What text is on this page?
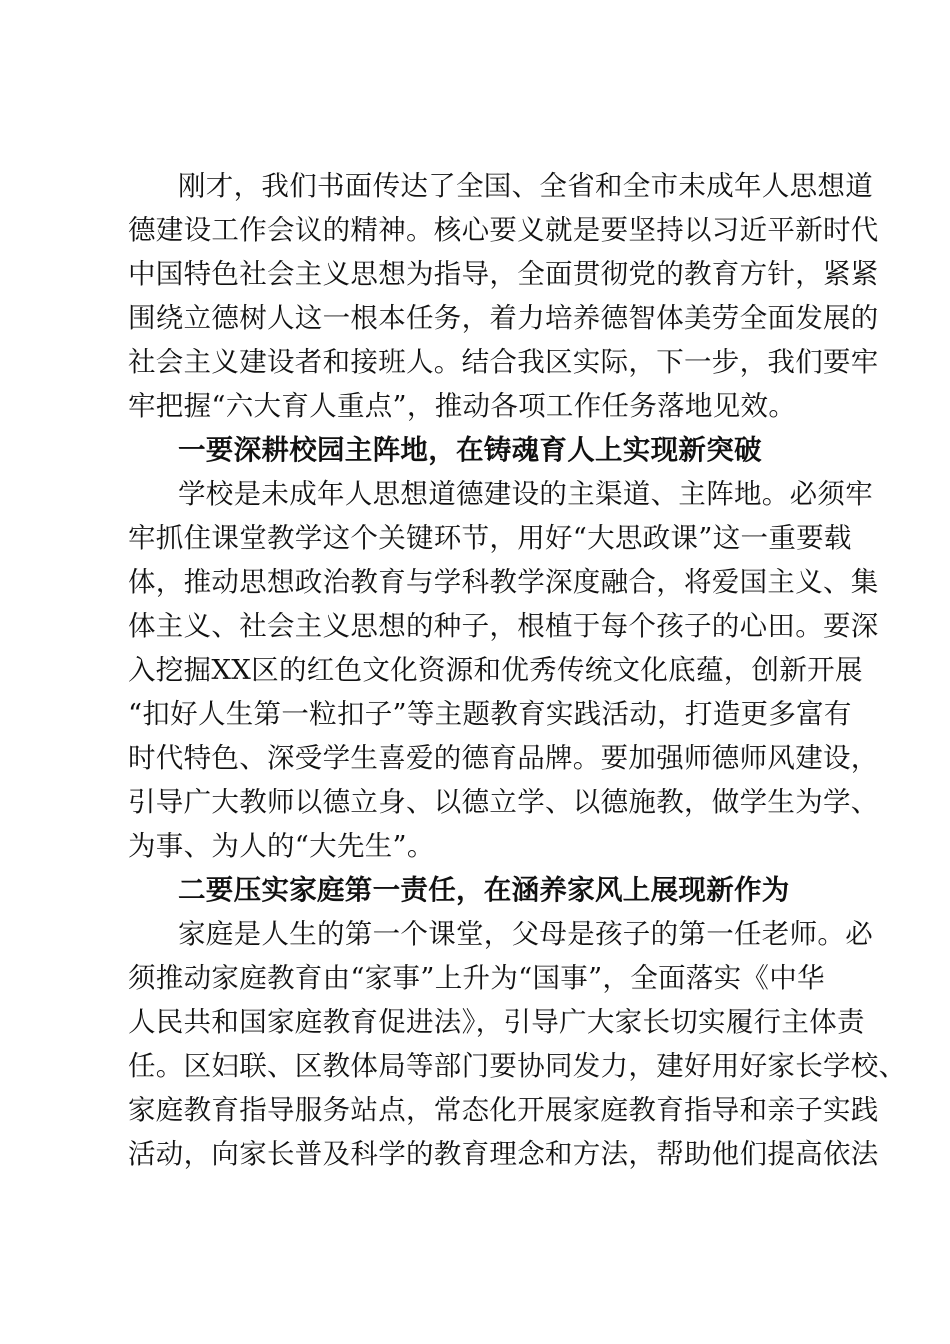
刚才，我们书面传达了全国、全省和全市未成年人思想道
德建设工作会议的精神。核心要义就是要坚持以习近平新时代
中国特色社会主义思想为指导，全面贯彻党的教育方针，紧紧
围绕立德树人这一根本任务，着力培养德智体美劳全面发展的
社会主义建设者和接班人。结合我区实际，下一步，我们要牢
牢把握“六大育人重点”，推动各项工作任务落地见效。
一要深耕校园主阵地，在铸魂育人上实现新突破
学校是未成年人思想道德建设的主渠道、主阵地。必须牢
牢抓住课堂教学这个关键环节，用好“大思政课”这一重要载
体，推动思想政治教育与学科教学深度融合，将爱国主义、集
体主义、社会主义思想的种子，根植于每个孩子的心田。要深
入挖掘XX区的红色文化资源和优秀传统文化底蕴，创新开展
“扣好人生第一粒扣子”等主题教育实践活动，打造更多富有
时代特色、深受学生喜爱的德育品牌。要加强师德师风建设，
引导广大教师以德立身、以德立学、以德施教，做学生为学、
为事、为人的“大先生”。
二要压实家庭第一责任，在涵养家风上展现新作为
家庭是人生的第一个课堂，父母是孩子的第一任老师。必
须推动家庭教育由“家事”上升为“国事”，全面落实《中华
人民共和国家庭教育促进法》，引导广大家长切实履行主体责
任。区妇联、区教体局等部门要协同发力，建好用好家长学校、
家庭教育指导服务站点，常态化开展家庭教育指导和亲子实践
活动，向家长普及科学的教育理念和方法，帮助他们提高依法
